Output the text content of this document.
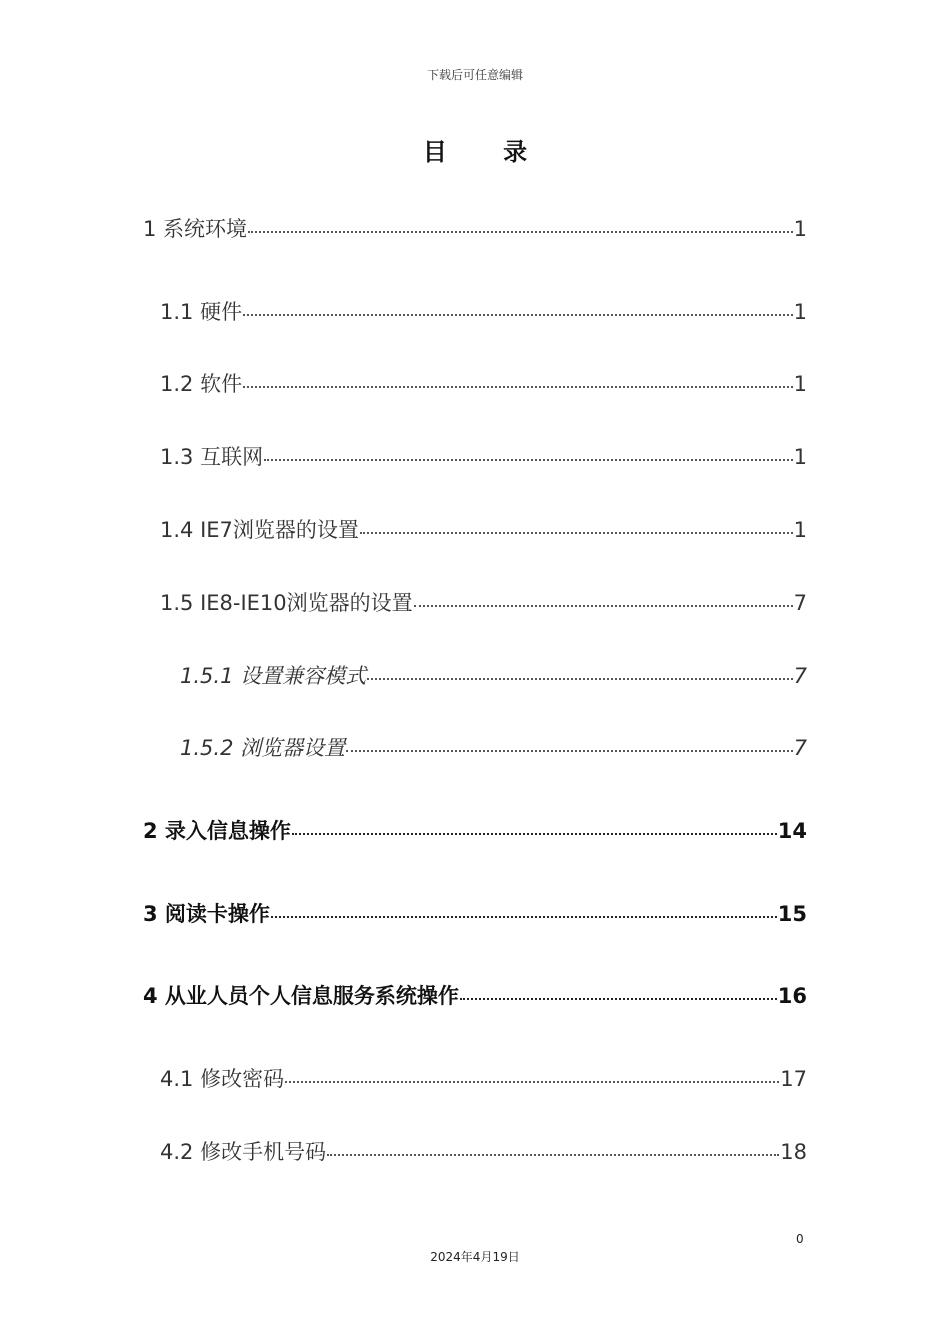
下载后可任意编辑
目 录
1 系统环境	1
1.1 硬件	1
1.2 软件	1
1.3 互联网	1
1.4 IE7浏览器的设置	1
1.5 IE8-IE10浏览器的设置	7
1.5.1 设置兼容模式	7
1.5.2 浏览器设置	7
2 录入信息操作	14
3 阅读卡操作	15
4 从业人员个人信息服务系统操作	16
4.1 修改密码	17
4.2 修改手机号码	18
0
2024年4月19日
